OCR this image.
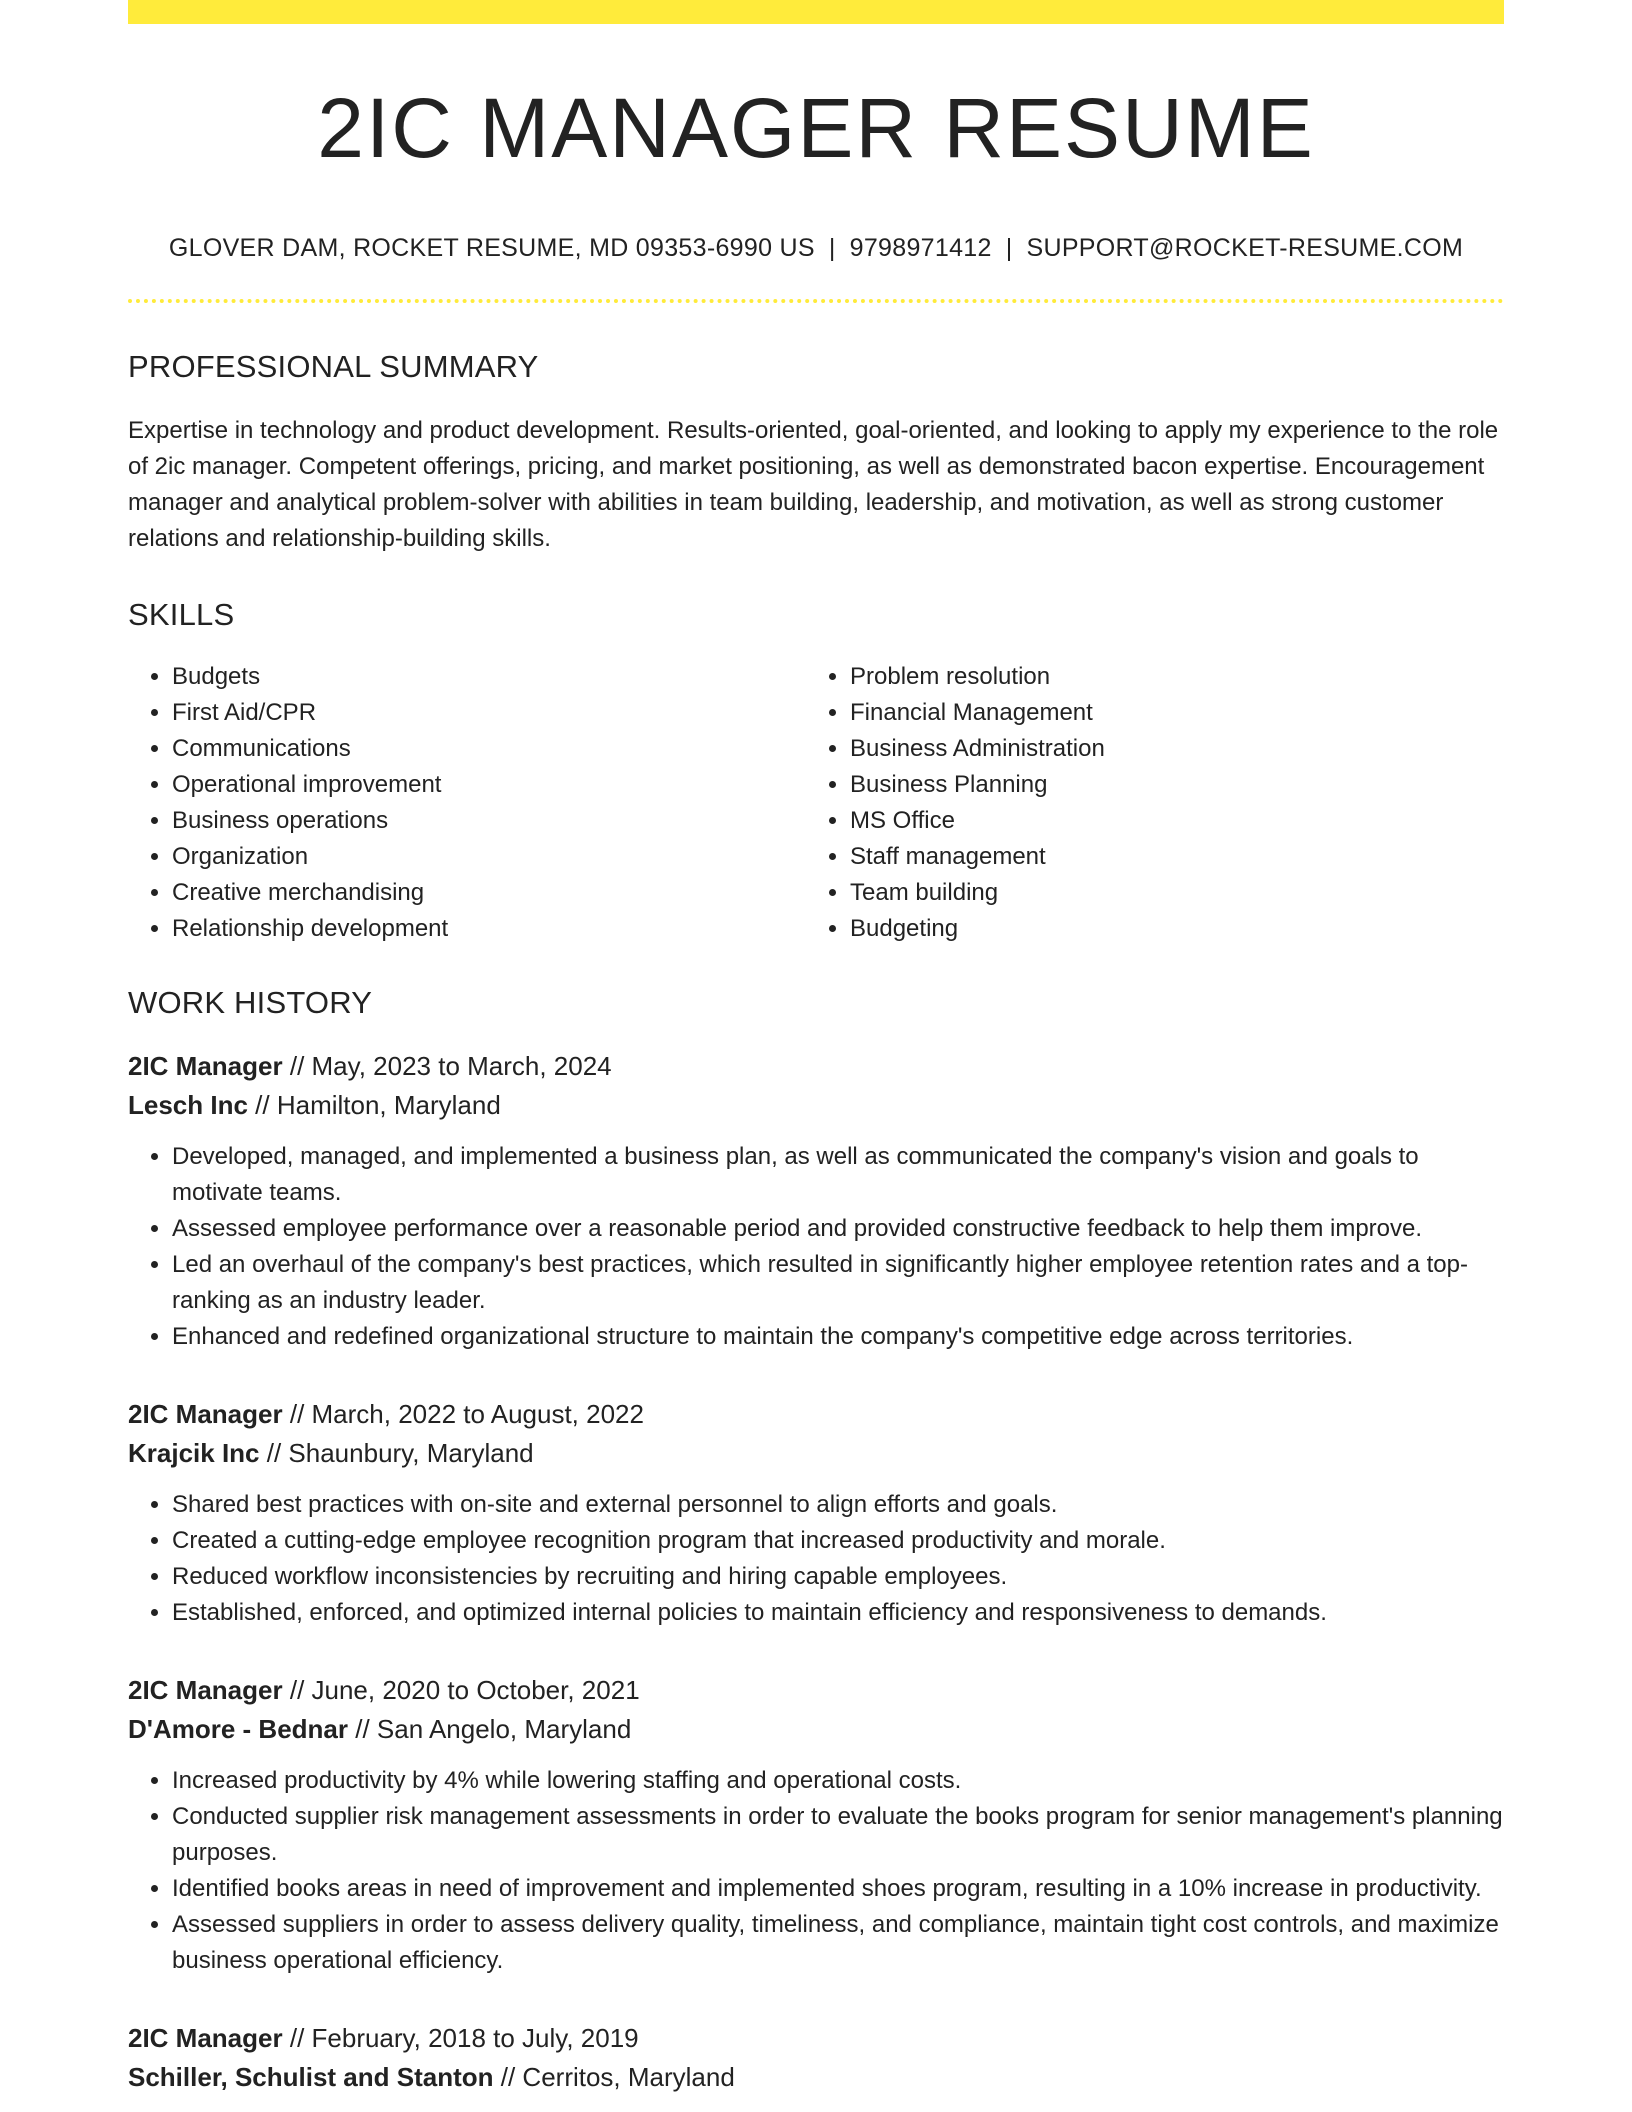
2IC MANAGER RESUME
GLOVER DAM, ROCKET RESUME, MD 09353-6990 US | 9798971412 | SUPPORT@ROCKET-RESUME.COM
PROFESSIONAL SUMMARY

Expertise in technology and product development. Results-oriented, goal-oriented, and looking to apply my experience to the role of 2ic manager. Competent offerings, pricing, and market positioning, as well as demonstrated bacon expertise. Encouragement manager and analytical problem-solver with abilities in team building, leadership, and motivation, as well as strong customer relations and relationship-building skills.

SKILLS
• Budgets
• First Aid/CPR
• Communications
• Operational improvement
• Business operations
• Organization
• Creative merchandising
• Relationship development
• Problem resolution
• Financial Management
• Business Administration
• Business Planning
• MS Office
• Staff management
• Team building
• Budgeting
WORK HISTORY
2IC Manager // May, 2023 to March, 2024
Lesch Inc // Hamilton, Maryland
• Developed, managed, and implemented a business plan, as well as communicated the company's vision and goals to motivate teams.
• Assessed employee performance over a reasonable period and provided constructive feedback to help them improve.
• Led an overhaul of the company's best practices, which resulted in significantly higher employee retention rates and a top-ranking as an industry leader.
• Enhanced and redefined organizational structure to maintain the company's competitive edge across territories.
2IC Manager // March, 2022 to August, 2022
Krajcik Inc // Shaunbury, Maryland
• Shared best practices with on-site and external personnel to align efforts and goals.
• Created a cutting-edge employee recognition program that increased productivity and morale.
• Reduced workflow inconsistencies by recruiting and hiring capable employees.
• Established, enforced, and optimized internal policies to maintain efficiency and responsiveness to demands.
2IC Manager // June, 2020 to October, 2021
D'Amore - Bednar // San Angelo, Maryland
• Increased productivity by 4% while lowering staffing and operational costs.
• Conducted supplier risk management assessments in order to evaluate the books program for senior management's planning purposes.
• Identified books areas in need of improvement and implemented shoes program, resulting in a 10% increase in productivity.
• Assessed suppliers in order to assess delivery quality, timeliness, and compliance, maintain tight cost controls, and maximize business operational efficiency.
2IC Manager // February, 2018 to July, 2019
Schiller, Schulist and Stanton // Cerritos, Maryland
